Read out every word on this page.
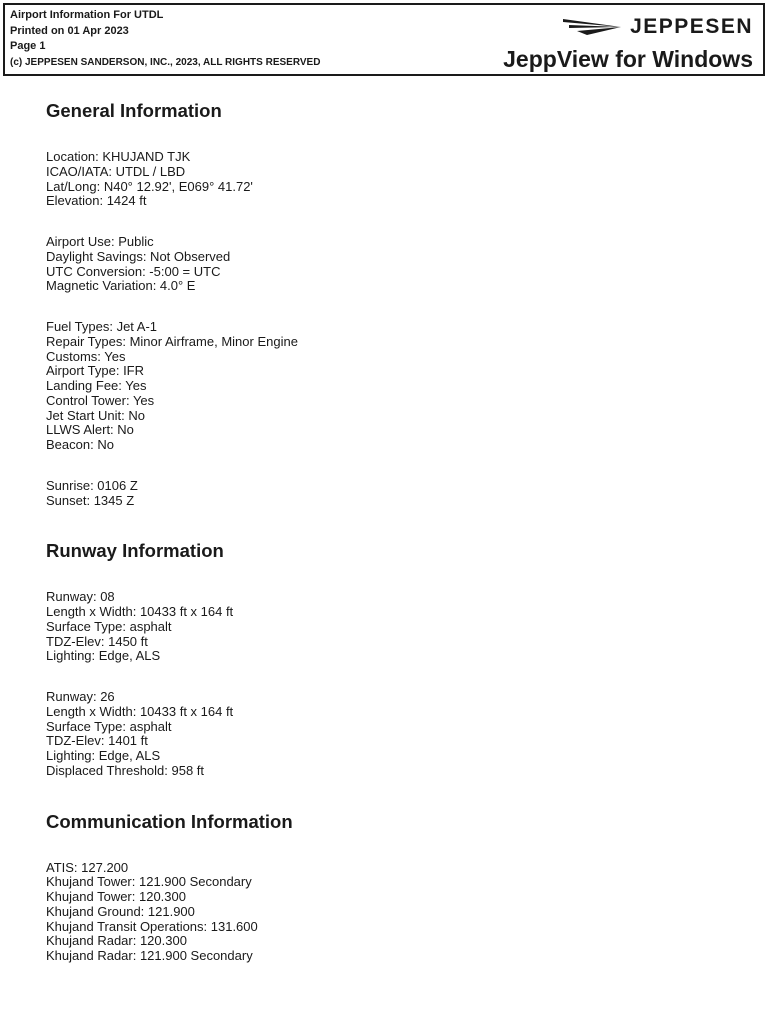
Airport Information For UTDL
Printed on 01 Apr 2023
Page 1
(c) JEPPESEN SANDERSON, INC., 2023, ALL RIGHTS RESERVED
JEPPESEN
JeppView for Windows
General Information
Location: KHUJAND TJK
ICAO/IATA: UTDL / LBD
Lat/Long: N40° 12.92', E069° 41.72'
Elevation: 1424 ft
Airport Use: Public
Daylight Savings: Not Observed
UTC Conversion: -5:00 = UTC
Magnetic Variation: 4.0° E
Fuel Types: Jet A-1
Repair Types: Minor Airframe, Minor Engine
Customs: Yes
Airport Type: IFR
Landing Fee: Yes
Control Tower: Yes
Jet Start Unit: No
LLWS Alert: No
Beacon: No
Sunrise: 0106 Z
Sunset: 1345 Z
Runway Information
Runway: 08
Length x Width: 10433 ft x 164 ft
Surface Type: asphalt
TDZ-Elev: 1450 ft
Lighting: Edge, ALS
Runway: 26
Length x Width: 10433 ft x 164 ft
Surface Type: asphalt
TDZ-Elev: 1401 ft
Lighting: Edge, ALS
Displaced Threshold: 958 ft
Communication Information
ATIS: 127.200
Khujand Tower: 121.900 Secondary
Khujand Tower: 120.300
Khujand Ground: 121.900
Khujand Transit Operations: 131.600
Khujand Radar: 120.300
Khujand Radar: 121.900 Secondary
